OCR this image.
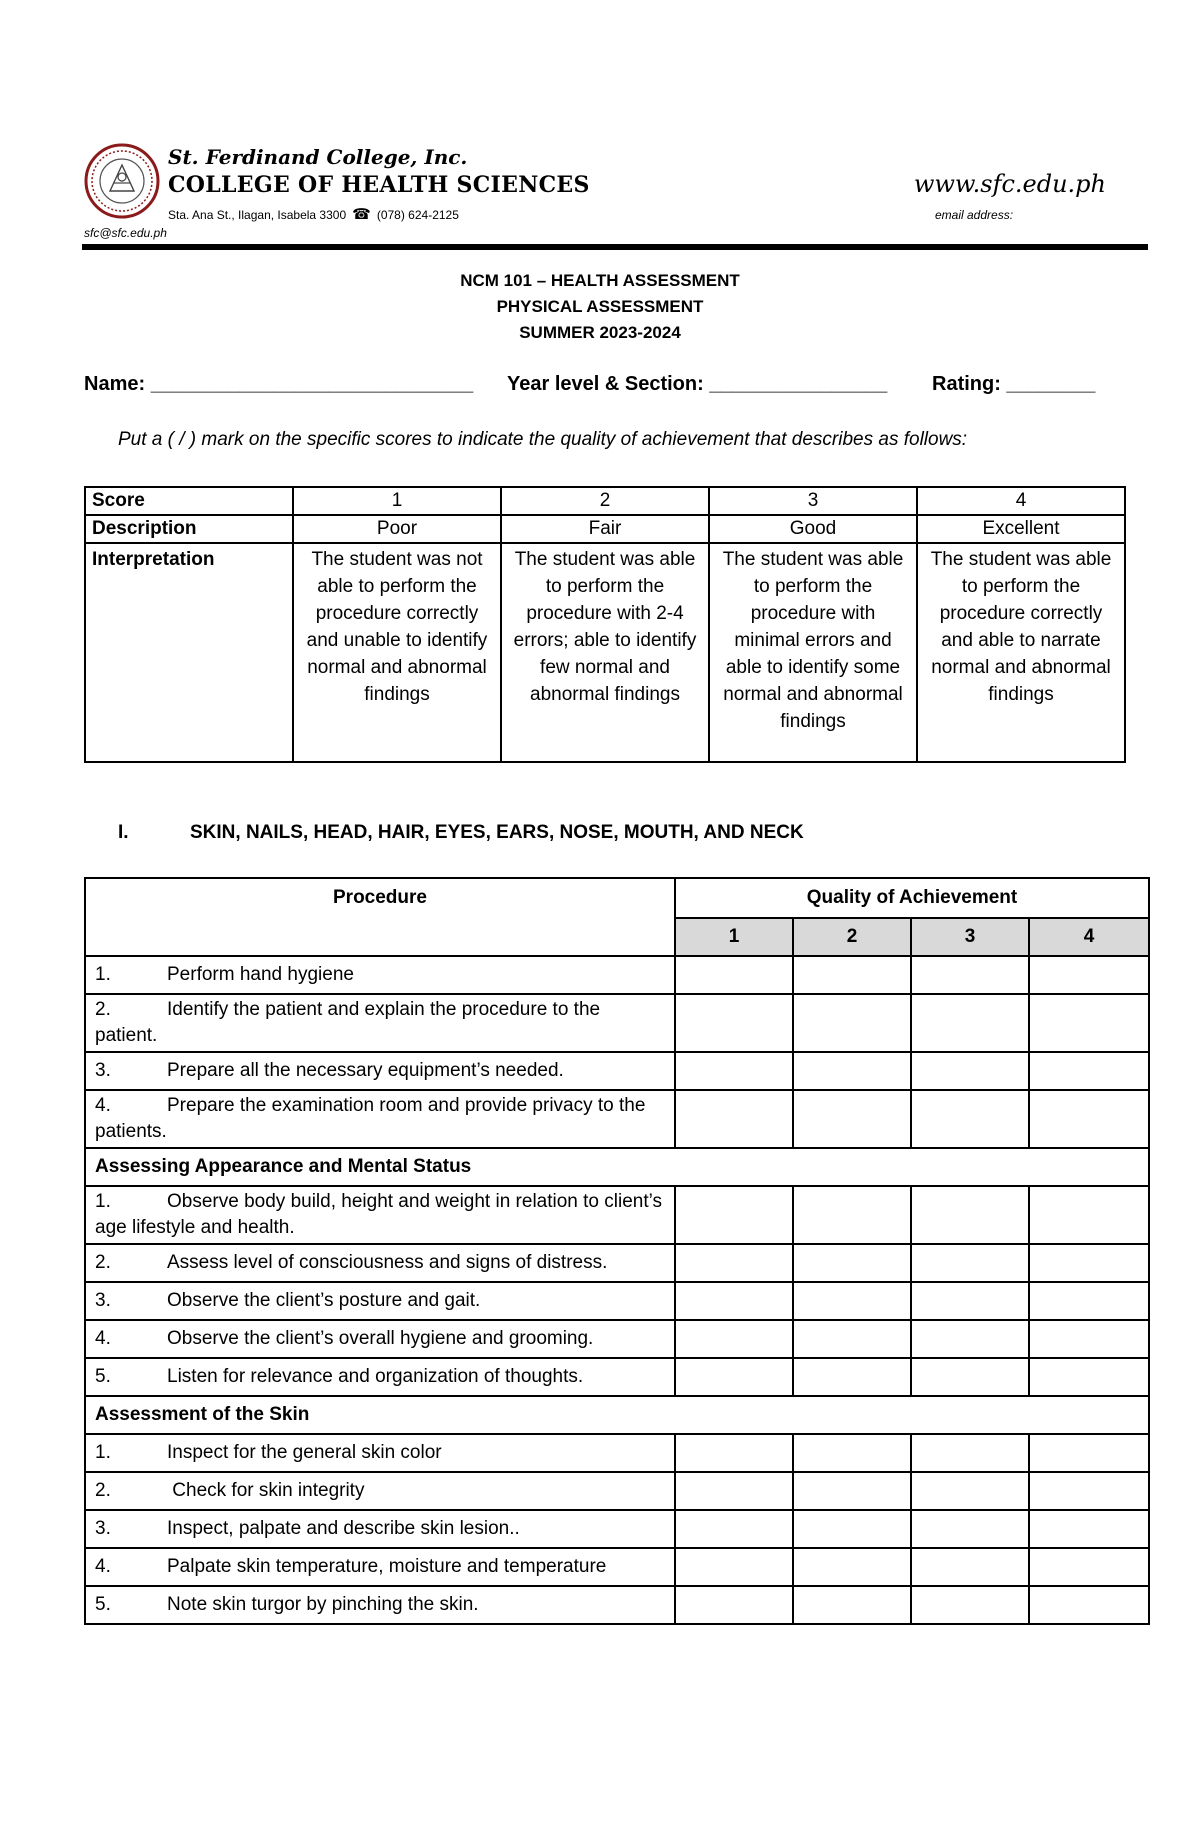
St. Ferdinand College, Inc.
COLLEGE OF HEALTH SCIENCES
Sta. Ana St., Ilagan, Isabela 3300 ☎ (078) 624-2125
sfc@sfc.edu.ph
www.sfc.edu.ph
email address:
NCM 101 – HEALTH ASSESSMENT
PHYSICAL ASSESSMENT
SUMMER 2023-2024
Name: _____________________________ Year level & Section: ________________ Rating: ________
Put a ( / ) mark on the specific scores to indicate the quality of achievement that describes as follows:
Score	1	2	3	4
Description	Poor	Fair	Good	Excellent
Interpretation	The student was not able to perform the procedure correctly and unable to identify normal and abnormal findings	The student was able to perform the procedure with 2-4 errors; able to identify few normal and abnormal findings	The student was able to perform the procedure with minimal errors and able to identify some normal and abnormal findings	The student was able to perform the procedure correctly and able to narrate normal and abnormal findings
I.	SKIN, NAILS, HEAD, HAIR, EYES, EARS, NOSE, MOUTH, AND NECK
Procedure	Quality of Achievement			
	1	2	3	4
1. Perform hand hygiene				
2. Identify the patient and explain the procedure to the patient.				
3. Prepare all the necessary equipment’s needed.				
4. Prepare the examination room and provide privacy to the patients.				
Assessing Appearance and Mental Status				
1. Observe body build, height and weight in relation to client’s age lifestyle and health.				
2. Assess level of consciousness and signs of distress.				
3. Observe the client’s posture and gait.				
4. Observe the client’s overall hygiene and grooming.				
5. Listen for relevance and organization of thoughts.				
Assessment of the Skin				
1. Inspect for the general skin color				
2. Check for skin integrity				
3. Inspect, palpate and describe skin lesion..				
4. Palpate skin temperature, moisture and temperature				
5. Note skin turgor by pinching the skin.				
